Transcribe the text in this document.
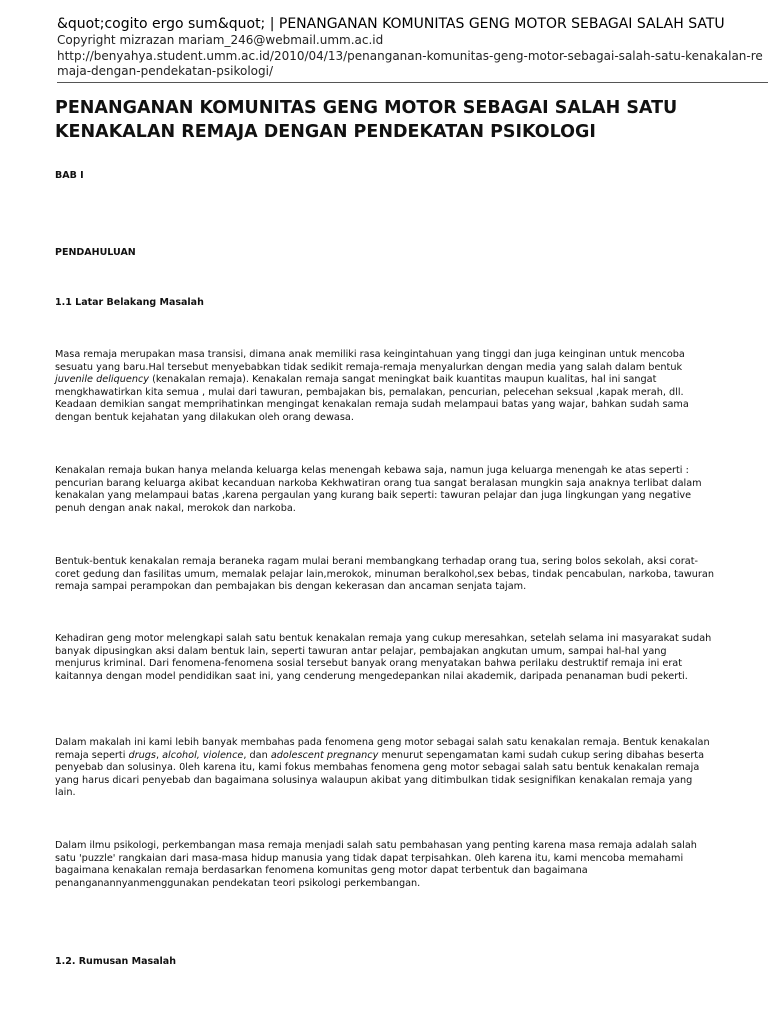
&quot;cogito ergo sum&quot; | PENANGANAN KOMUNITAS GENG MOTOR SEBAGAI SALAH SATU
Copyright mizrazan mariam_246@webmail.umm.ac.id
http://benyahya.student.umm.ac.id/2010/04/13/penanganan-komunitas-geng-motor-sebagai-salah-satu-kenakalan-remaja-dengan-pendekatan-psikologi/
PENANGANAN KOMUNITAS GENG MOTOR SEBAGAI SALAH SATU KENAKALAN REMAJA DENGAN PENDEKATAN PSIKOLOGI

BAB I

PENDAHULUAN

1.1 Latar Belakang Masalah

Masa remaja merupakan masa transisi, dimana anak memiliki rasa keingintahuan yang tinggi dan juga keinginan untuk mencoba sesuatu yang baru.Hal tersebut menyebabkan tidak sedikit remaja-remaja menyalurkan dengan media yang salah dalam bentuk juvenile deliquency (kenakalan remaja). Kenakalan remaja sangat meningkat baik kuantitas maupun kualitas, hal ini sangat mengkhawatirkan kita semua , mulai dari tawuran, pembajakan bis, pemalakan, pencurian, pelecehan seksual ,kapak merah, dll. Keadaan demikian sangat memprihatinkan mengingat kenakalan remaja sudah melampaui batas yang wajar, bahkan sudah sama dengan bentuk kejahatan yang dilakukan oleh orang dewasa.

Kenakalan remaja bukan hanya melanda keluarga kelas menengah kebawa saja, namun juga keluarga menengah ke atas seperti : pencurian barang keluarga akibat kecanduan narkoba Kekhwatiran orang tua sangat beralasan mungkin saja anaknya terlibat dalam kenakalan yang melampaui batas ,karena pergaulan yang kurang baik seperti: tawuran pelajar dan juga lingkungan yang negative penuh dengan anak nakal, merokok dan narkoba.

Bentuk-bentuk kenakalan remaja beraneka ragam mulai berani membangkang terhadap orang tua, sering bolos sekolah, aksi corat-coret gedung dan fasilitas umum, memalak pelajar lain,merokok, minuman beralkohol,sex bebas, tindak pencabulan, narkoba, tawuran remaja sampai perampokan dan pembajakan bis dengan kekerasan dan ancaman senjata tajam.

Kehadiran geng motor melengkapi salah satu bentuk kenakalan remaja yang cukup meresahkan, setelah selama ini masyarakat sudah banyak dipusingkan aksi dalam bentuk lain, seperti tawuran antar pelajar, pembajakan angkutan umum, sampai hal-hal yang menjurus kriminal. Dari fenomena-fenomena sosial tersebut banyak orang menyatakan bahwa perilaku destruktif remaja ini erat kaitannya dengan model pendidikan saat ini, yang cenderung mengedepankan nilai akademik, daripada penanaman budi pekerti.

Dalam makalah ini kami lebih banyak membahas pada fenomena geng motor sebagai salah satu kenakalan remaja. Bentuk kenakalan remaja seperti drugs, alcohol, violence, dan adolescent pregnancy menurut sepengamatan kami sudah cukup sering dibahas beserta penyebab dan solusinya. 0leh karena itu, kami fokus membahas fenomena geng motor sebagai salah satu bentuk kenakalan remaja yang harus dicari penyebab dan bagaimana solusinya walaupun akibat yang ditimbulkan tidak sesignifikan kenakalan remaja yang lain.

Dalam ilmu psikologi, perkembangan masa remaja menjadi salah satu pembahasan yang penting karena masa remaja adalah salah satu 'puzzle' rangkaian dari masa-masa hidup manusia yang tidak dapat terpisahkan. 0leh karena itu, kami mencoba memahami bagaimana kenakalan remaja berdasarkan fenomena komunitas geng motor dapat terbentuk dan bagaimana penanganannyanmenggunakan pendekatan teori psikologi perkembangan.

1.2. Rumusan Masalah
